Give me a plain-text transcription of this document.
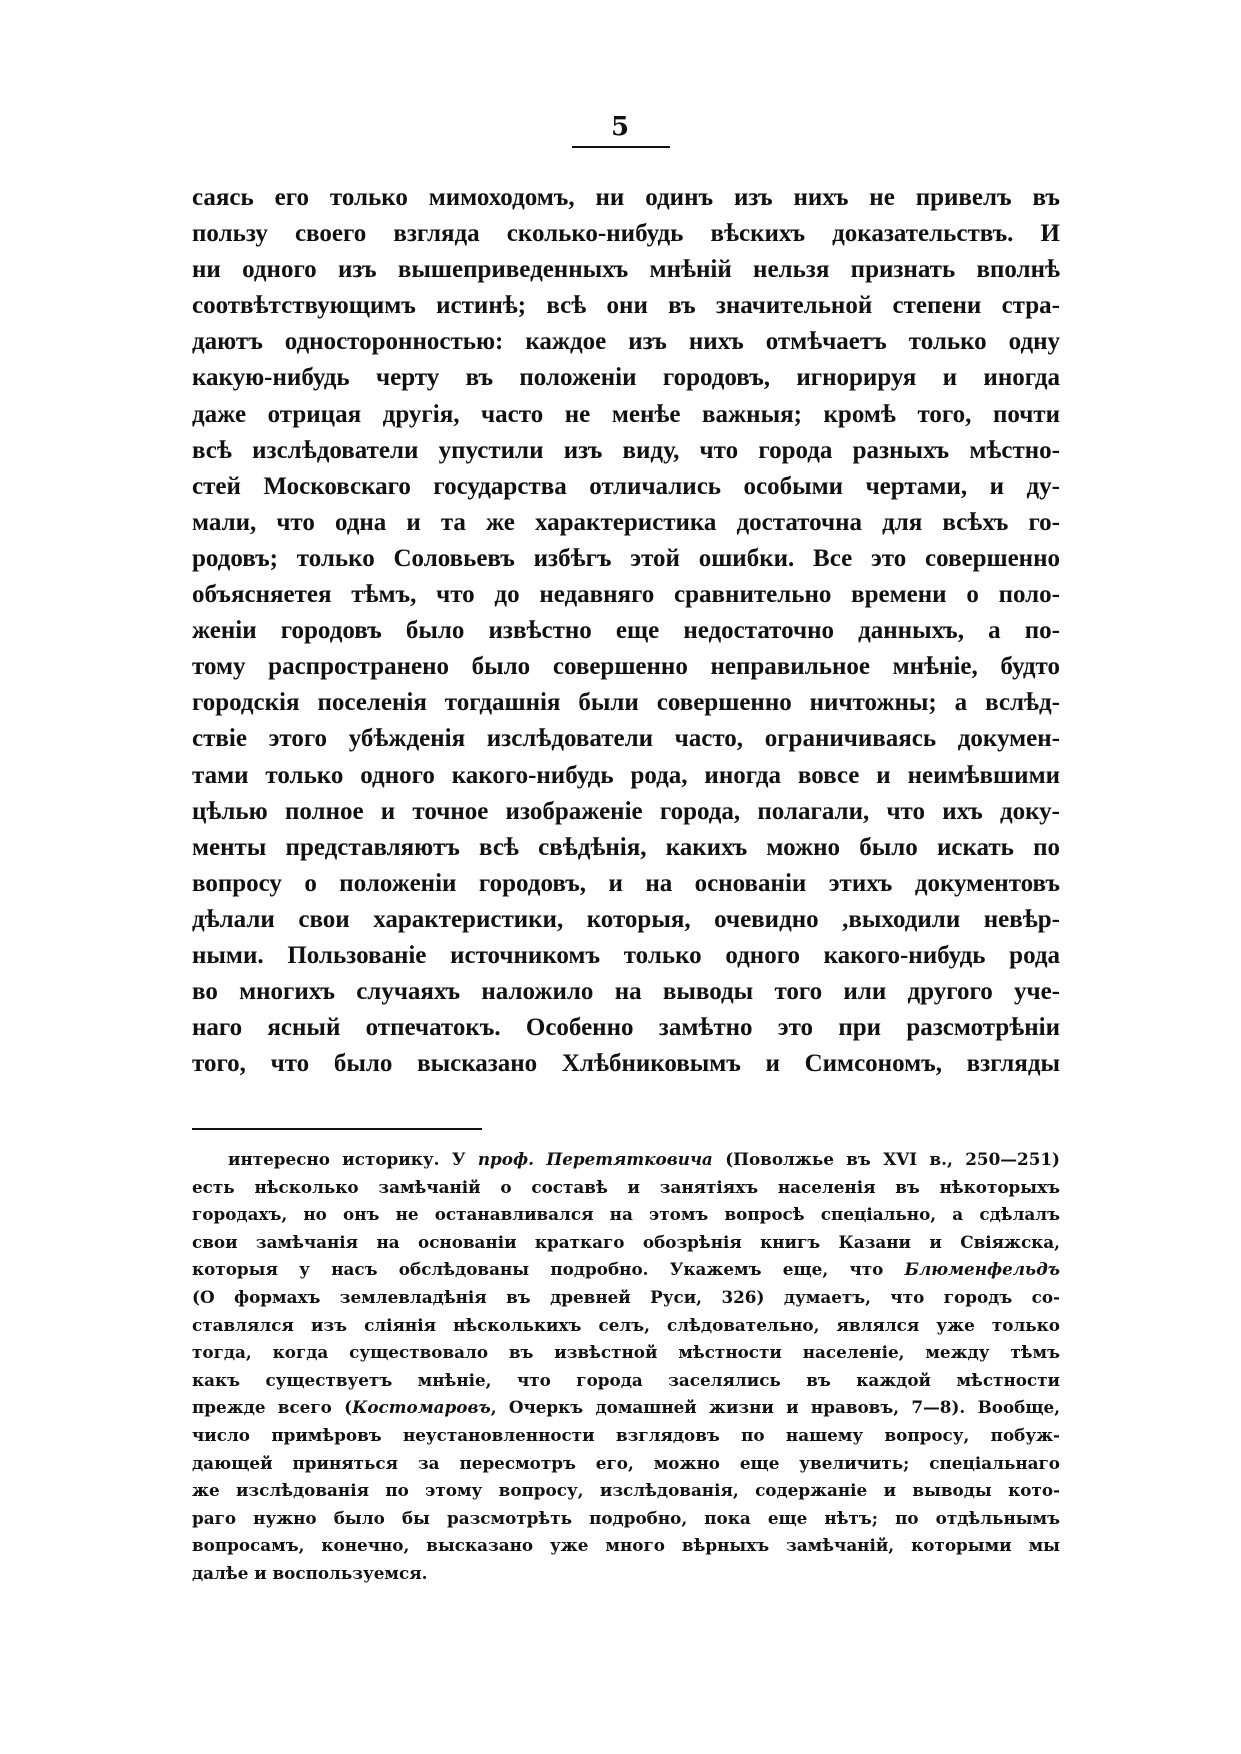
5
саясь его только мимоходомъ, ни одинъ изъ нихъ не привелъ въ
пользу своего взгляда сколько-нибудь вѣскихъ доказательствъ. И
ни одного изъ вышеприведенныхъ мнѣній нельзя признать вполнѣ
соотвѣтствующимъ истинѣ; всѣ они въ значительной степени стра-
даютъ односторонностью: каждое изъ нихъ отмѣчаетъ только одну
какую-нибудь черту въ положеніи городовъ, игнорируя и иногда
даже отрицая другія, часто не менѣе важныя; кромѣ того, почти
всѣ изслѣдователи упустили изъ виду, что города разныхъ мѣстно-
стей Московскаго государства отличались особыми чертами, и ду-
мали, что одна и та же характеристика достаточна для всѣхъ го-
родовъ; только Соловьевъ избѣгъ этой ошибки. Все это совершенно
объясняетея тѣмъ, что до недавняго сравнительно времени о поло-
женіи городовъ было извѣстно еще недостаточно данныхъ, а по-
тому распространено было совершенно неправильное мнѣніе, будто
городскія поселенія тогдашнія были совершенно ничтожны; а вслѣд-
ствіе этого убѣжденія изслѣдователи часто, ограничиваясь докумен-
тами только одного какого-нибудь рода, иногда вовсе и неимѣвшими
цѣлью полное и точное изображеніе города, полагали, что ихъ доку-
менты представляютъ всѣ свѣдѣнія, какихъ можно было искать по
вопросу о положеніи городовъ, и на основаніи этихъ документовъ
дѣлали свои характеристики, которыя, очевидно ,выходили невѣр-
ными. Пользованіе источникомъ только одного какого-нибудь рода
во многихъ случаяхъ наложило на выводы того или другого уче-
наго ясный отпечатокъ. Особенно замѣтно это при разсмотрѣніи
того, что было высказано Хлѣбниковымъ и Симсономъ, взгляды
интересно историку. У проф. Перетятковича (Поволжье въ XVI в., 250—251)
есть нѣсколько замѣчаній о составѣ и занятіяхъ населенія въ нѣкоторыхъ
городахъ, но онъ не останавливался на этомъ вопросѣ спеціально, а сдѣлалъ
свои замѣчанія на основаніи краткаго обозрѣнія книгъ Казани и Свіяжска,
которыя у насъ обслѣдованы подробно. Укажемъ еще, что Блюменфельдъ
(О формахъ землевладѣнія въ древней Руси, 326) думаетъ, что городъ со-
ставлялся изъ сліянія нѣсколькихъ селъ, слѣдовательно, являлся уже только
тогда, когда существовало въ извѣстной мѣстности населеніе, между тѣмъ
какъ существуетъ мнѣніе, что города заселялись въ каждой мѣстности
прежде всего (Костомаровъ, Очеркъ домашней жизни и нравовъ, 7—8). Вообще,
число примѣровъ неустановленности взглядовъ по нашему вопросу, побуж-
дающей приняться за пересмотръ его, можно еще увеличить; спеціальнаго
же изслѣдованія по этому вопросу, изслѣдованія, содержаніе и выводы кото-
раго нужно было бы разсмотрѣть подробно, пока еще нѣтъ; по отдѣльнымъ
вопросамъ, конечно, высказано уже много вѣрныхъ замѣчаній, которыми мы
далѣе и воспользуемся.
